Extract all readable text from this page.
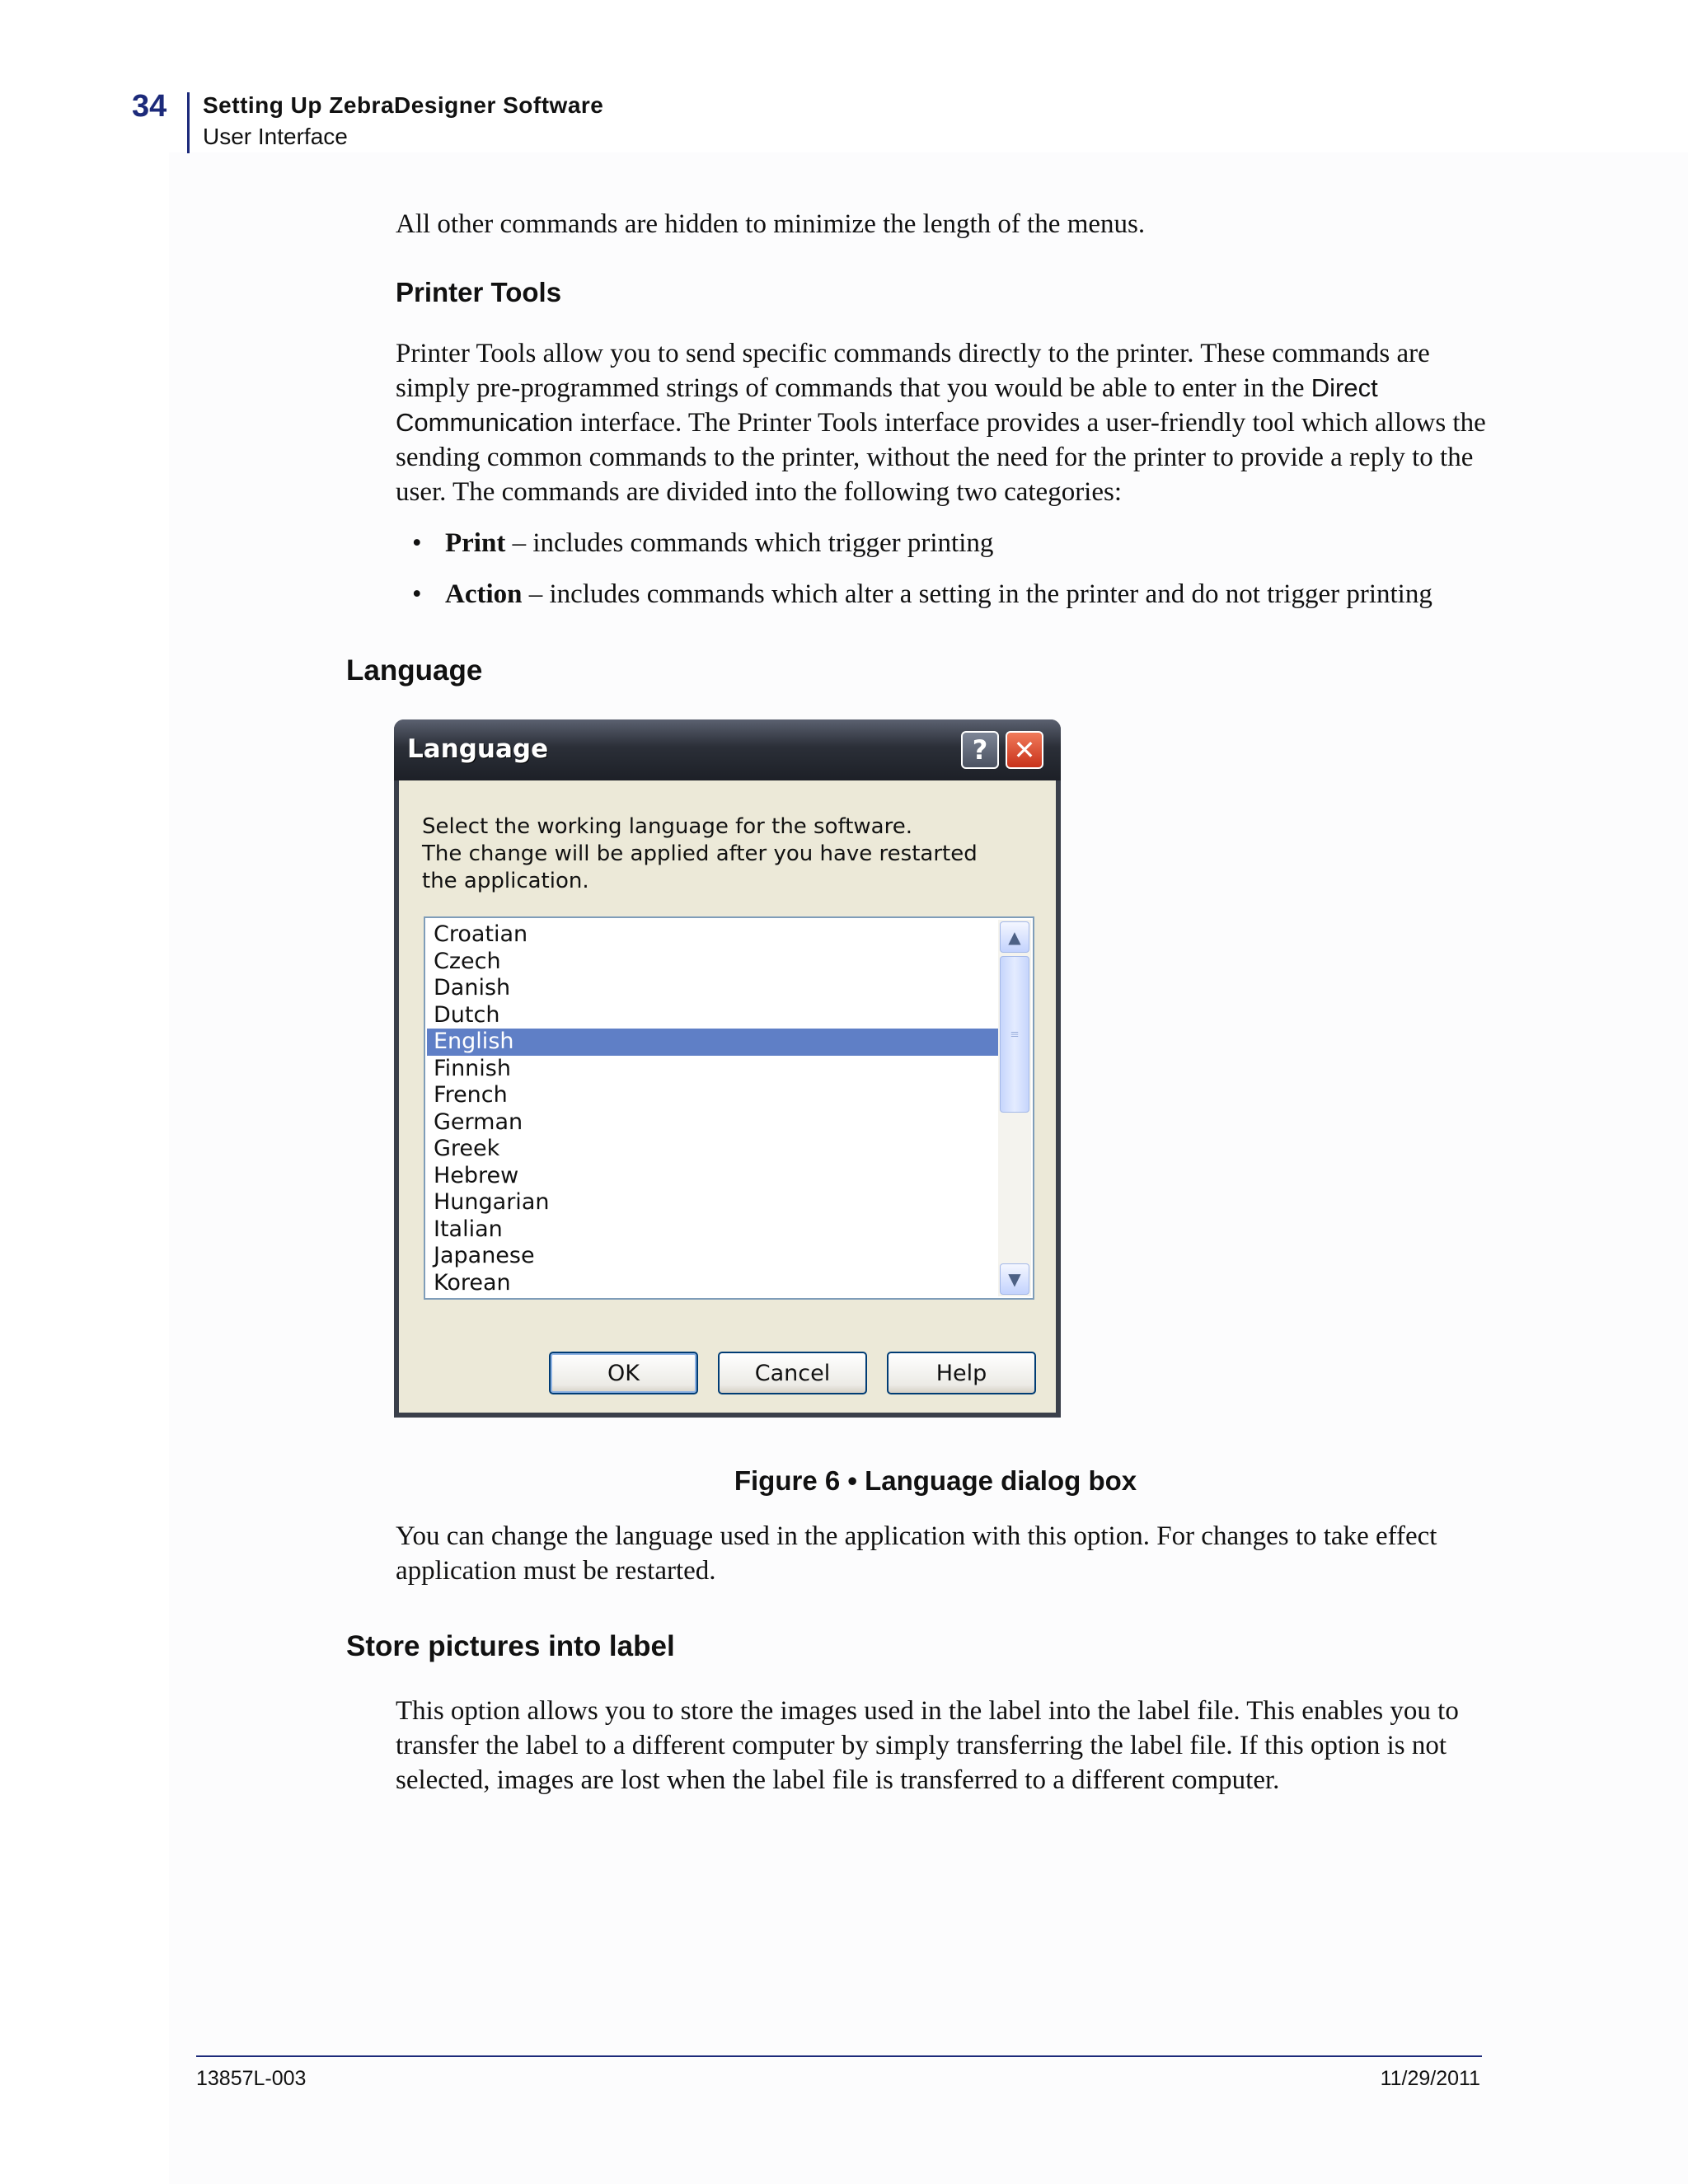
34 Setting Up ZebraDesigner Software
User Interface

All other commands are hidden to minimize the length of the menus.

Printer Tools

Printer Tools allow you to send specific commands directly to the printer. These commands are simply pre-programmed strings of commands that you would be able to enter in the Direct Communication interface. The Printer Tools interface provides a user-friendly tool which allows the sending common commands to the printer, without the need for the printer to provide a reply to the user. The commands are divided into the following two categories:

• Print – includes commands which trigger printing
• Action – includes commands which alter a setting in the printer and do not trigger printing
Language
Language	? ✕
Select the working language for the software.
The change will be applied after you have restarted the application.
Croatian
Czech
Danish
Dutch
English
Finnish
French
German
Greek
Hebrew
Hungarian
Italian
Japanese
Korean
▲
≡
▼
OK	Cancel	Help
Figure 6 • Language dialog box

You can change the language used in the application with this option. For changes to take effect application must be restarted.

Store pictures into label

This option allows you to store the images used in the label into the label file. This enables you to transfer the label to a different computer by simply transferring the label file. If this option is not selected, images are lost when the label file is transferred to a different computer.

13857L-003	11/29/2011
